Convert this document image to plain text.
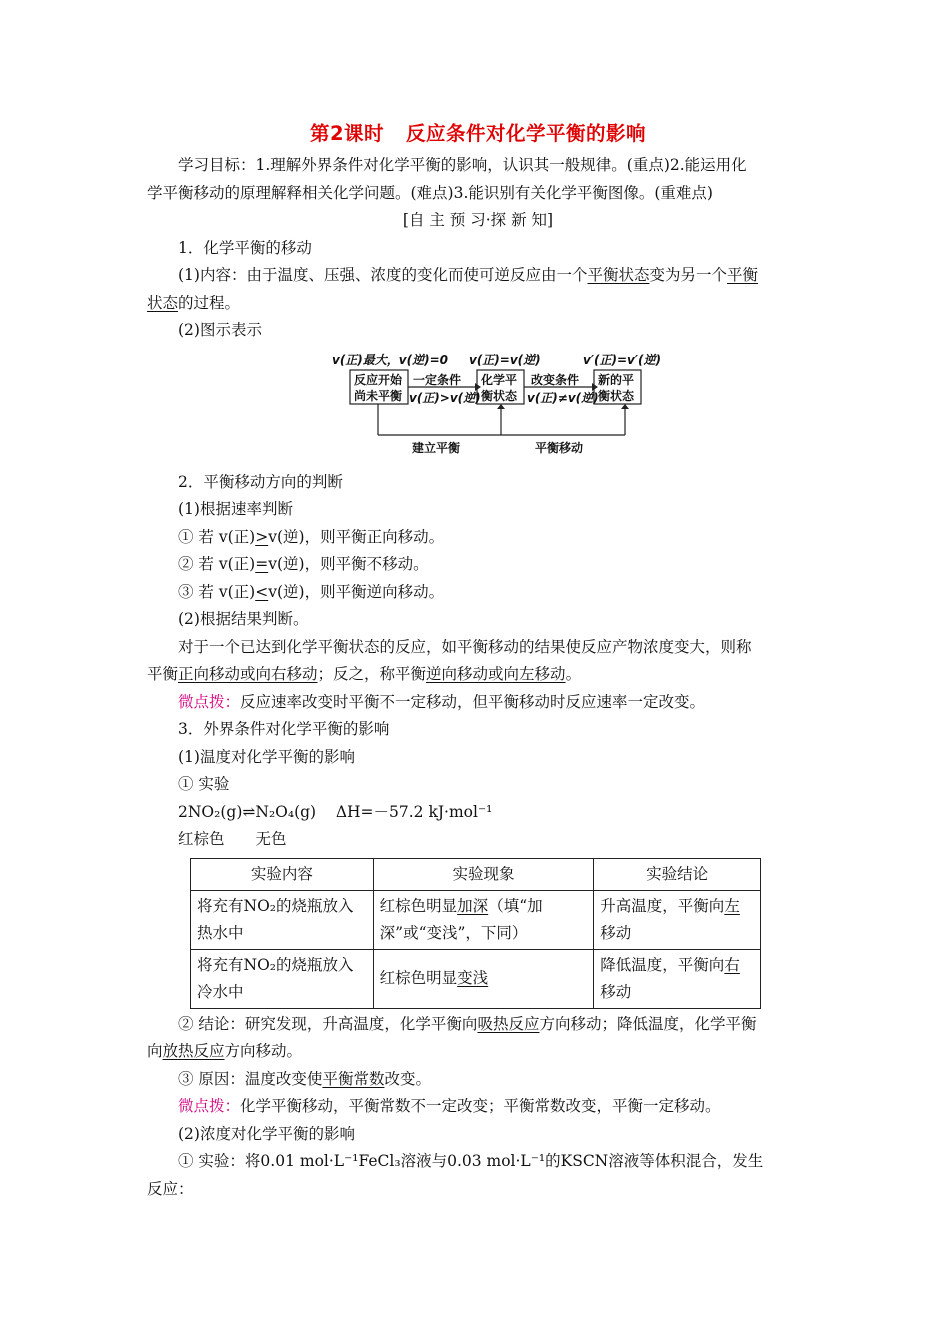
第2课时 反应条件对化学平衡的影响

学习目标：1.理解外界条件对化学平衡的影响，认识其一般规律。(重点)2.能运用化

学平衡移动的原理解释相关化学问题。(难点)3.能识别有关化学平衡图像。(重难点)

[自 主 预 习·探 新 知]

1．化学平衡的移动

(1)内容：由于温度、压强、浓度的变化而使可逆反应由一个平衡状态变为另一个平衡

状态的过程。

(2)图示表示

v(正)最大，v(逆)=0 v(正)=v(逆)	v′(正)=v′(逆)
反应开始
尚未平衡
一定条件
v(正)>v(逆)
化学平
衡状态
改变条件
v(正)≠v(逆)
新的平
衡状态
建立平衡	平衡移动

2．平衡移动方向的判断

(1)根据速率判断

① 若 v(正)>v(逆)，则平衡正向移动。

② 若 v(正)=v(逆)，则平衡不移动。

③ 若 v(正)<v(逆)，则平衡逆向移动。

(2)根据结果判断。

对于一个已达到化学平衡状态的反应，如平衡移动的结果使反应产物浓度变大，则称

平衡正向移动或向右移动；反之，称平衡逆向移动或向左移动。

微点拨：反应速率改变时平衡不一定移动，但平衡移动时反应速率一定改变。

3．外界条件对化学平衡的影响

(1)温度对化学平衡的影响

① 实验

2NO₂(g)⇌N₂O₄(g) ΔH=－57.2 kJ·mol⁻¹

红棕色　　无色

实验内容	实验现象	实验结论
将充有NO₂的烧瓶放入热水中	红棕色明显加深（填“加深”或“变浅”，下同）	升高温度，平衡向左移动
将充有NO₂的烧瓶放入冷水中	红棕色明显变浅	降低温度，平衡向右移动

② 结论：研究发现，升高温度，化学平衡向吸热反应方向移动；降低温度，化学平衡

向放热反应方向移动。

③ 原因：温度改变使平衡常数改变。

微点拨：化学平衡移动，平衡常数不一定改变；平衡常数改变，平衡一定移动。

(2)浓度对化学平衡的影响

① 实验：将0.01 mol·L⁻¹FeCl₃溶液与0.03 mol·L⁻¹的KSCN溶液等体积混合，发生

反应：
